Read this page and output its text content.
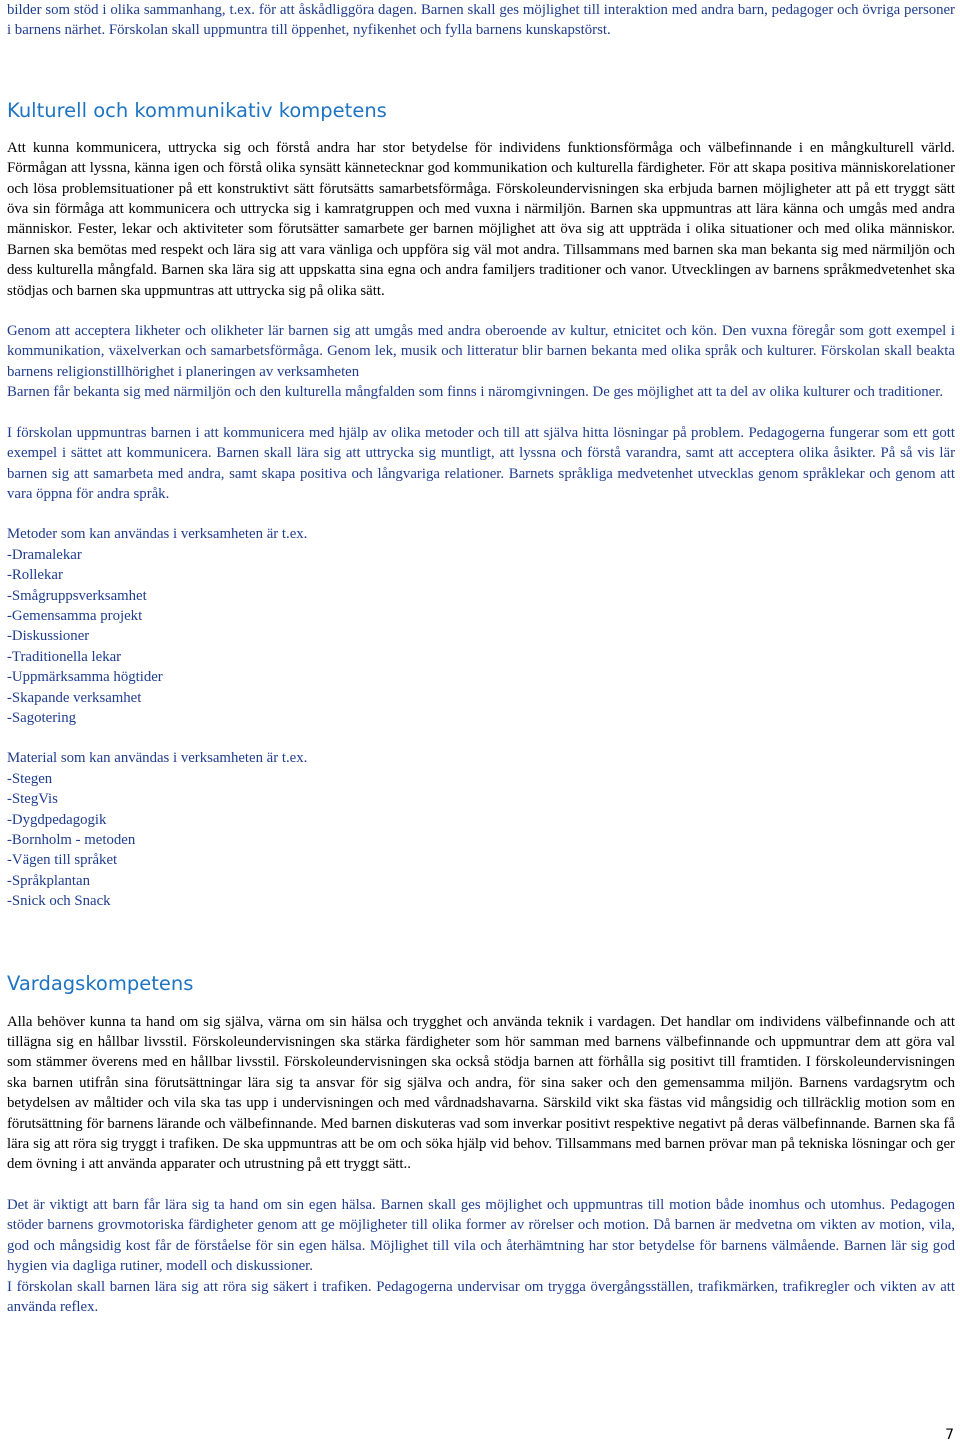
bilder som stöd i olika sammanhang, t.ex. för att åskådliggöra dagen. Barnen skall ges möjlighet till interaktion med andra barn, pedagoger och övriga personer i barnens närhet. Förskolan skall uppmuntra till öppenhet, nyfikenhet och fylla barnens kunskapstörst.

Kulturell och kommunikativ kompetens

Att kunna kommunicera, uttrycka sig och förstå andra har stor betydelse för individens funktionsförmåga och välbefinnande i en mångkulturell värld. Förmågan att lyssna, känna igen och förstå olika synsätt kännetecknar god kommunikation och kulturella färdigheter. För att skapa positiva människorelationer och lösa problemsituationer på ett konstruktivt sätt förutsätts samarbetsförmåga. Förskoleundervisningen ska erbjuda barnen möjligheter att på ett tryggt sätt öva sin förmåga att kommunicera och uttrycka sig i kamratgruppen och med vuxna i närmiljön. Barnen ska uppmuntras att lära känna och umgås med andra människor. Fester, lekar och aktiviteter som förutsätter samarbete ger barnen möjlighet att öva sig att uppträda i olika situationer och med olika människor. Barnen ska bemötas med respekt och lära sig att vara vänliga och uppföra sig väl mot andra. Tillsammans med barnen ska man bekanta sig med närmiljön och dess kulturella mångfald. Barnen ska lära sig att uppskatta sina egna och andra familjers traditioner och vanor. Utvecklingen av barnens språkmedvetenhet ska stödjas och barnen ska uppmuntras att uttrycka sig på olika sätt.

Genom att acceptera likheter och olikheter lär barnen sig att umgås med andra oberoende av kultur, etnicitet och kön. Den vuxna föregår som gott exempel i kommunikation, växelverkan och samarbetsförmåga. Genom lek, musik och litteratur blir barnen bekanta med olika språk och kulturer. Förskolan skall beakta barnens religionstillhörighet i planeringen av verksamheten

Barnen får bekanta sig med närmiljön och den kulturella mångfalden som finns i näromgivningen. De ges möjlighet att ta del av olika kulturer och traditioner.

I förskolan uppmuntras barnen i att kommunicera med hjälp av olika metoder och till att själva hitta lösningar på problem. Pedagogerna fungerar som ett gott exempel i sättet att kommunicera. Barnen skall lära sig att uttrycka sig muntligt, att lyssna och förstå varandra, samt att acceptera olika åsikter. På så vis lär barnen sig att samarbeta med andra, samt skapa positiva och långvariga relationer. Barnets språkliga medvetenhet utvecklas genom språklekar och genom att vara öppna för andra språk.

Metoder som kan användas i verksamheten är t.ex.
-Dramalekar
-Rollekar
-Smågruppsverksamhet
-Gemensamma projekt
-Diskussioner
-Traditionella lekar
-Uppmärksamma högtider
-Skapande verksamhet
-Sagotering
Material som kan användas i verksamheten är t.ex.
-Stegen
-StegVis
-Dygdpedagogik
-Bornholm - metoden
-Vägen till språket
-Språkplantan
-Snick och Snack
Vardagskompetens

Alla behöver kunna ta hand om sig själva, värna om sin hälsa och trygghet och använda teknik i vardagen. Det handlar om individens välbefinnande och att tillägna sig en hållbar livsstil. Förskoleundervisningen ska stärka färdigheter som hör samman med barnens välbefinnande och uppmuntrar dem att göra val som stämmer överens med en hållbar livsstil. Förskoleundervisningen ska också stödja barnen att förhålla sig positivt till framtiden. I förskoleundervisningen ska barnen utifrån sina förutsättningar lära sig ta ansvar för sig själva och andra, för sina saker och den gemensamma miljön. Barnens vardagsrytm och betydelsen av måltider och vila ska tas upp i undervisningen och med vårdnadshavarna. Särskild vikt ska fästas vid mångsidig och tillräcklig motion som en förutsättning för barnens lärande och välbefinnande. Med barnen diskuteras vad som inverkar positivt respektive negativt på deras välbefinnande. Barnen ska få lära sig att röra sig tryggt i trafiken. De ska uppmuntras att be om och söka hjälp vid behov. Tillsammans med barnen prövar man på tekniska lösningar och ger dem övning i att använda apparater och utrustning på ett tryggt sätt..

Det är viktigt att barn får lära sig ta hand om sin egen hälsa. Barnen skall ges möjlighet och uppmuntras till motion både inomhus och utomhus. Pedagogen stöder barnens grovmotoriska färdigheter genom att ge möjligheter till olika former av rörelser och motion. Då barnen är medvetna om vikten av motion, vila, god och mångsidig kost får de förståelse för sin egen hälsa. Möjlighet till vila och återhämtning har stor betydelse för barnens välmående. Barnen lär sig god hygien via dagliga rutiner, modell och diskussioner.

I förskolan skall barnen lära sig att röra sig säkert i trafiken. Pedagogerna undervisar om trygga övergångsställen, trafikmärken, trafikregler och vikten av att använda reflex.

7
